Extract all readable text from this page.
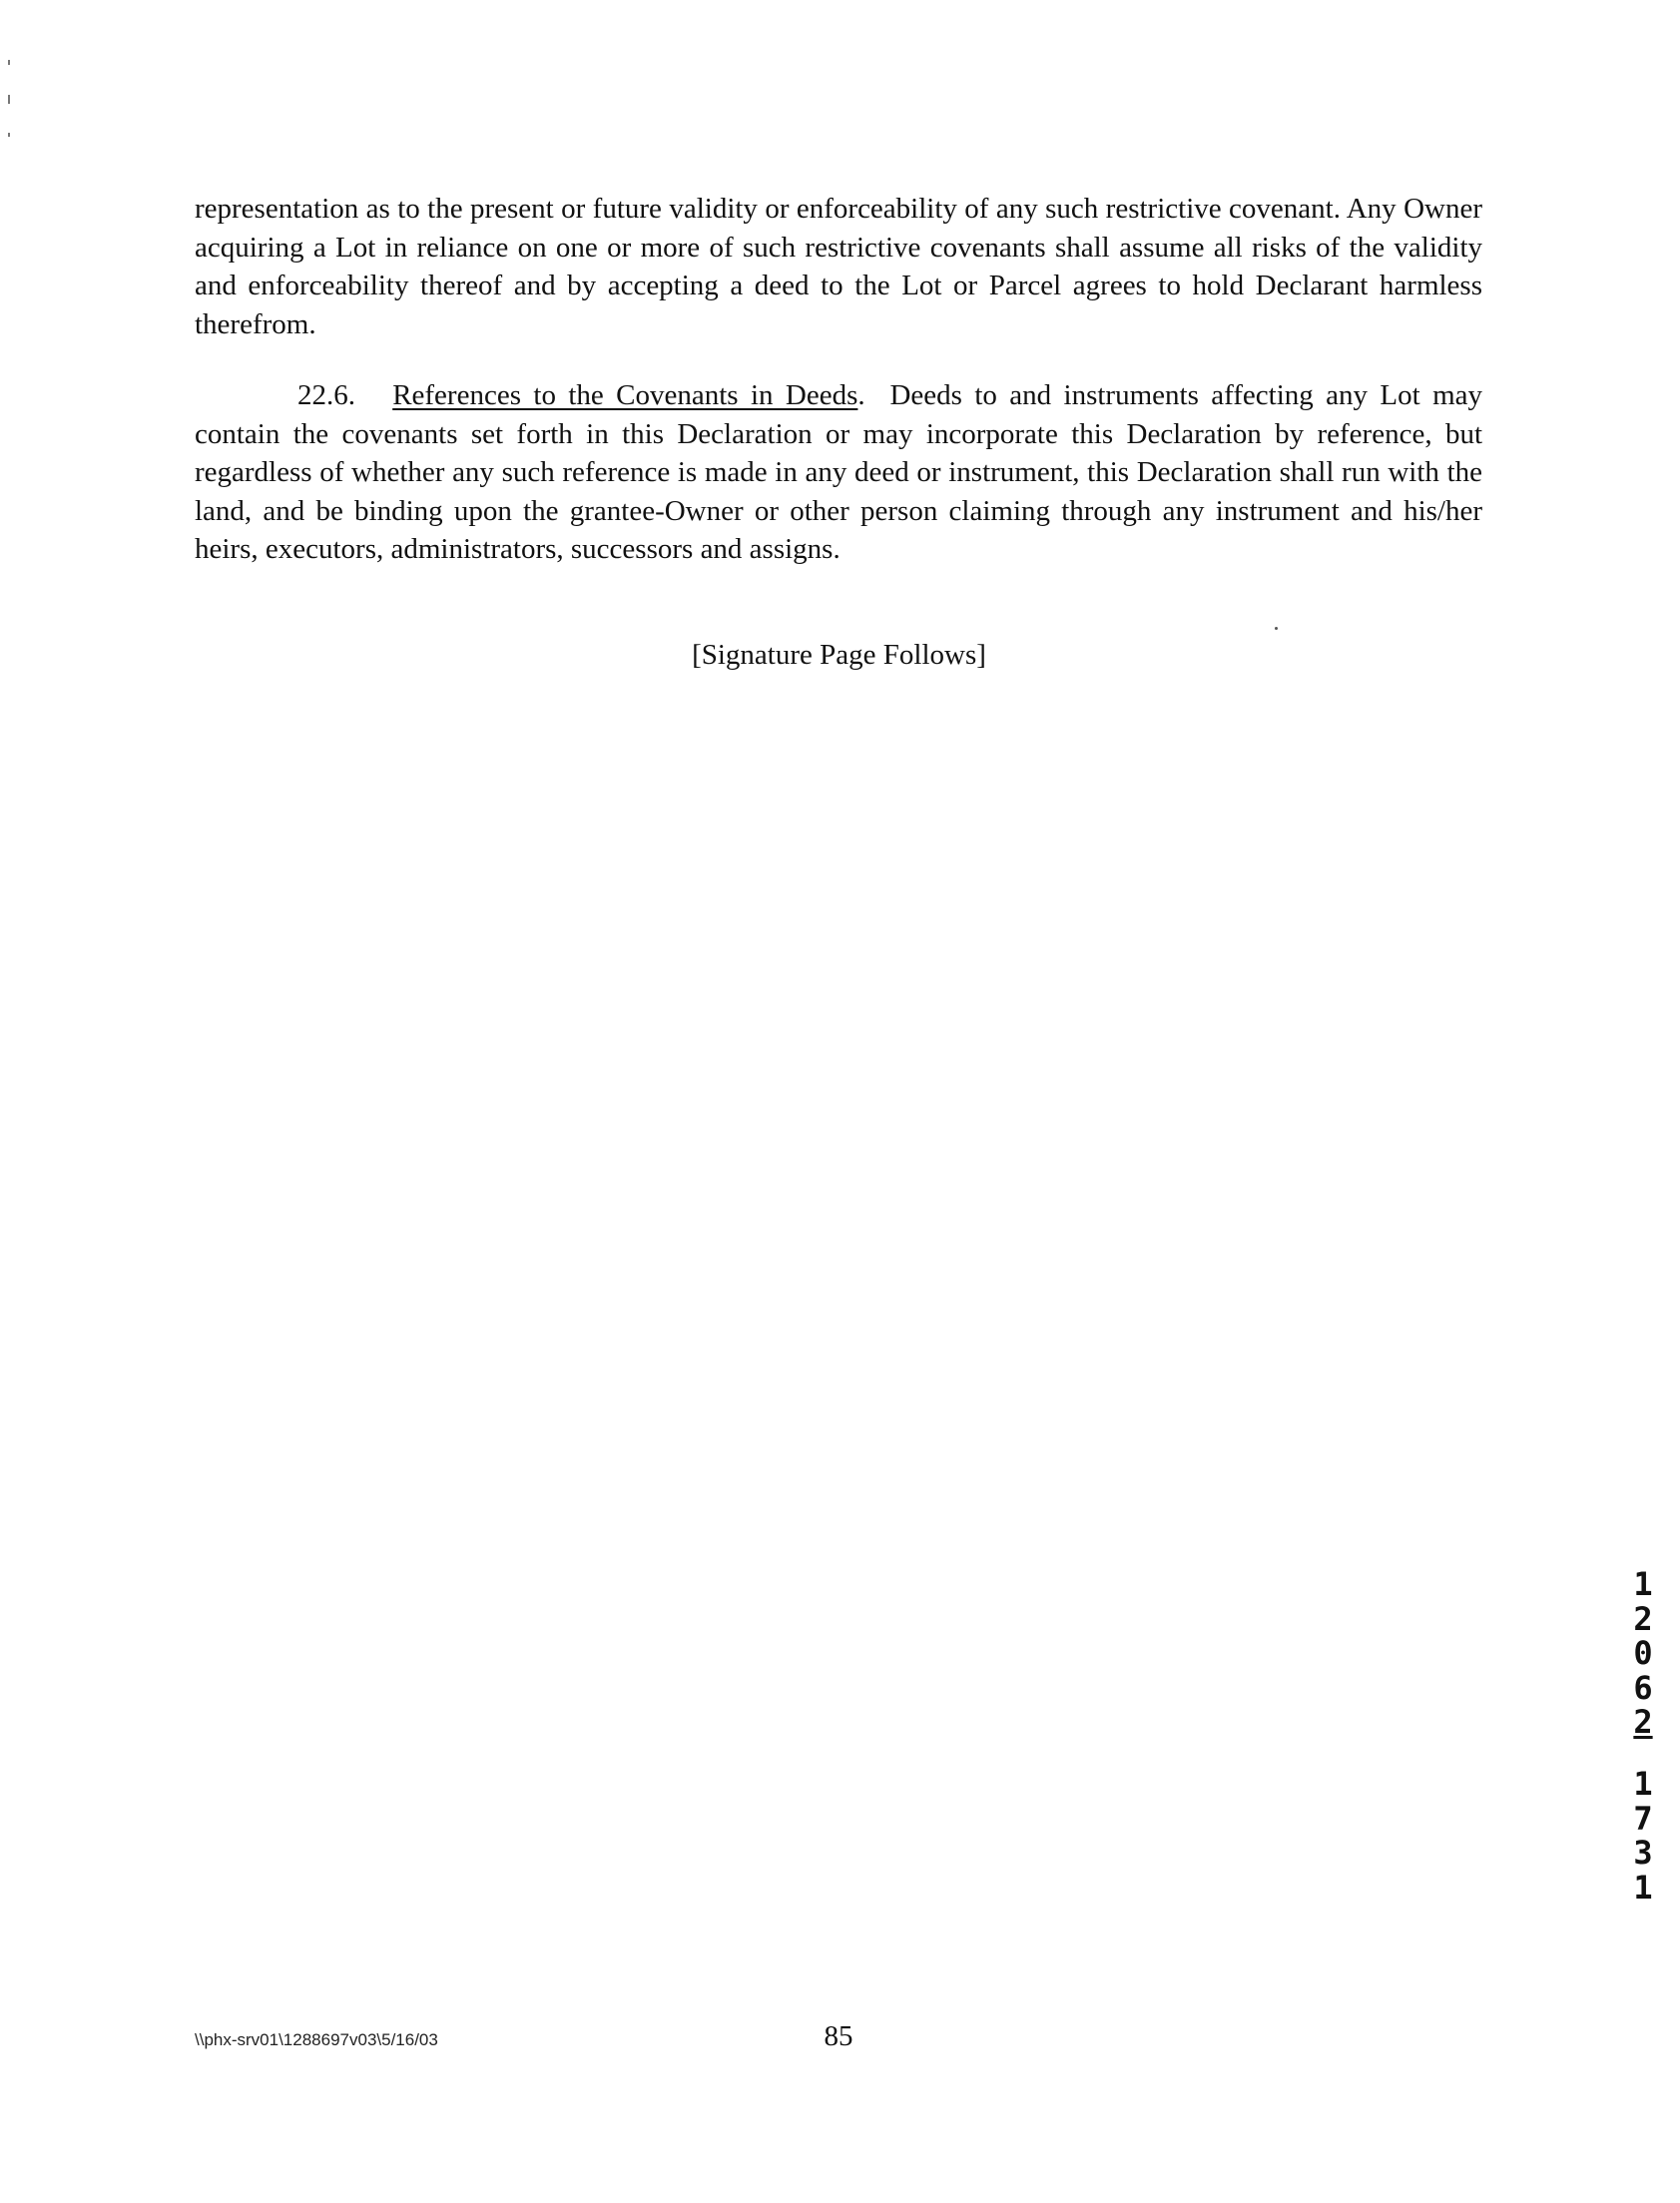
representation as to the present or future validity or enforceability of any such restrictive covenant. Any Owner acquiring a Lot in reliance on one or more of such restrictive covenants shall assume all risks of the validity and enforceability thereof and by accepting a deed to the Lot or Parcel agrees to hold Declarant harmless therefrom.

22.6. References to the Covenants in Deeds. Deeds to and instruments affecting any Lot may contain the covenants set forth in this Declaration or may incorporate this Declaration by reference, but regardless of whether any such reference is made in any deed or instrument, this Declaration shall run with the land, and be binding upon the grantee-Owner or other person claiming through any instrument and his/her heirs, executors, administrators, successors and assigns.

[Signature Page Follows]
1
2
0
6
2
1
7
3
1
\\phx-srv01\1288697v03\5/16/03	85
